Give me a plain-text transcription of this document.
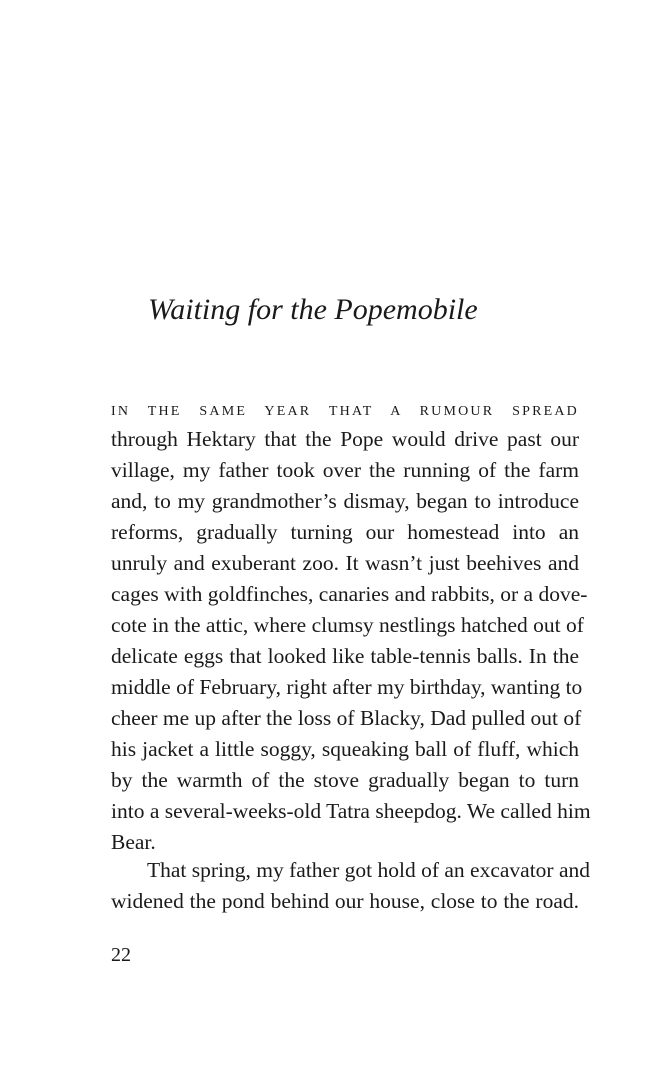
Waiting for the Popemobile
IN THE SAME YEAR THAT A RUMOUR SPREAD
through Hektary that the Pope would drive past our
village, my father took over the running of the farm
and, to my grandmother’s dismay, began to introduce
reforms, gradually turning our homestead into an
unruly and exuberant zoo. It wasn’t just beehives and
cages with goldfinches, canaries and rabbits, or a dove-
cote in the attic, where clumsy nestlings hatched out of
delicate eggs that looked like table-tennis balls. In the
middle of February, right after my birthday, wanting to
cheer me up after the loss of Blacky, Dad pulled out of
his jacket a little soggy, squeaking ball of fluff, which
by the warmth of the stove gradually began to turn
into a several-weeks-old Tatra sheepdog. We called him
Bear.
That spring, my father got hold of an excavator and
widened the pond behind our house, close to the road.
22
